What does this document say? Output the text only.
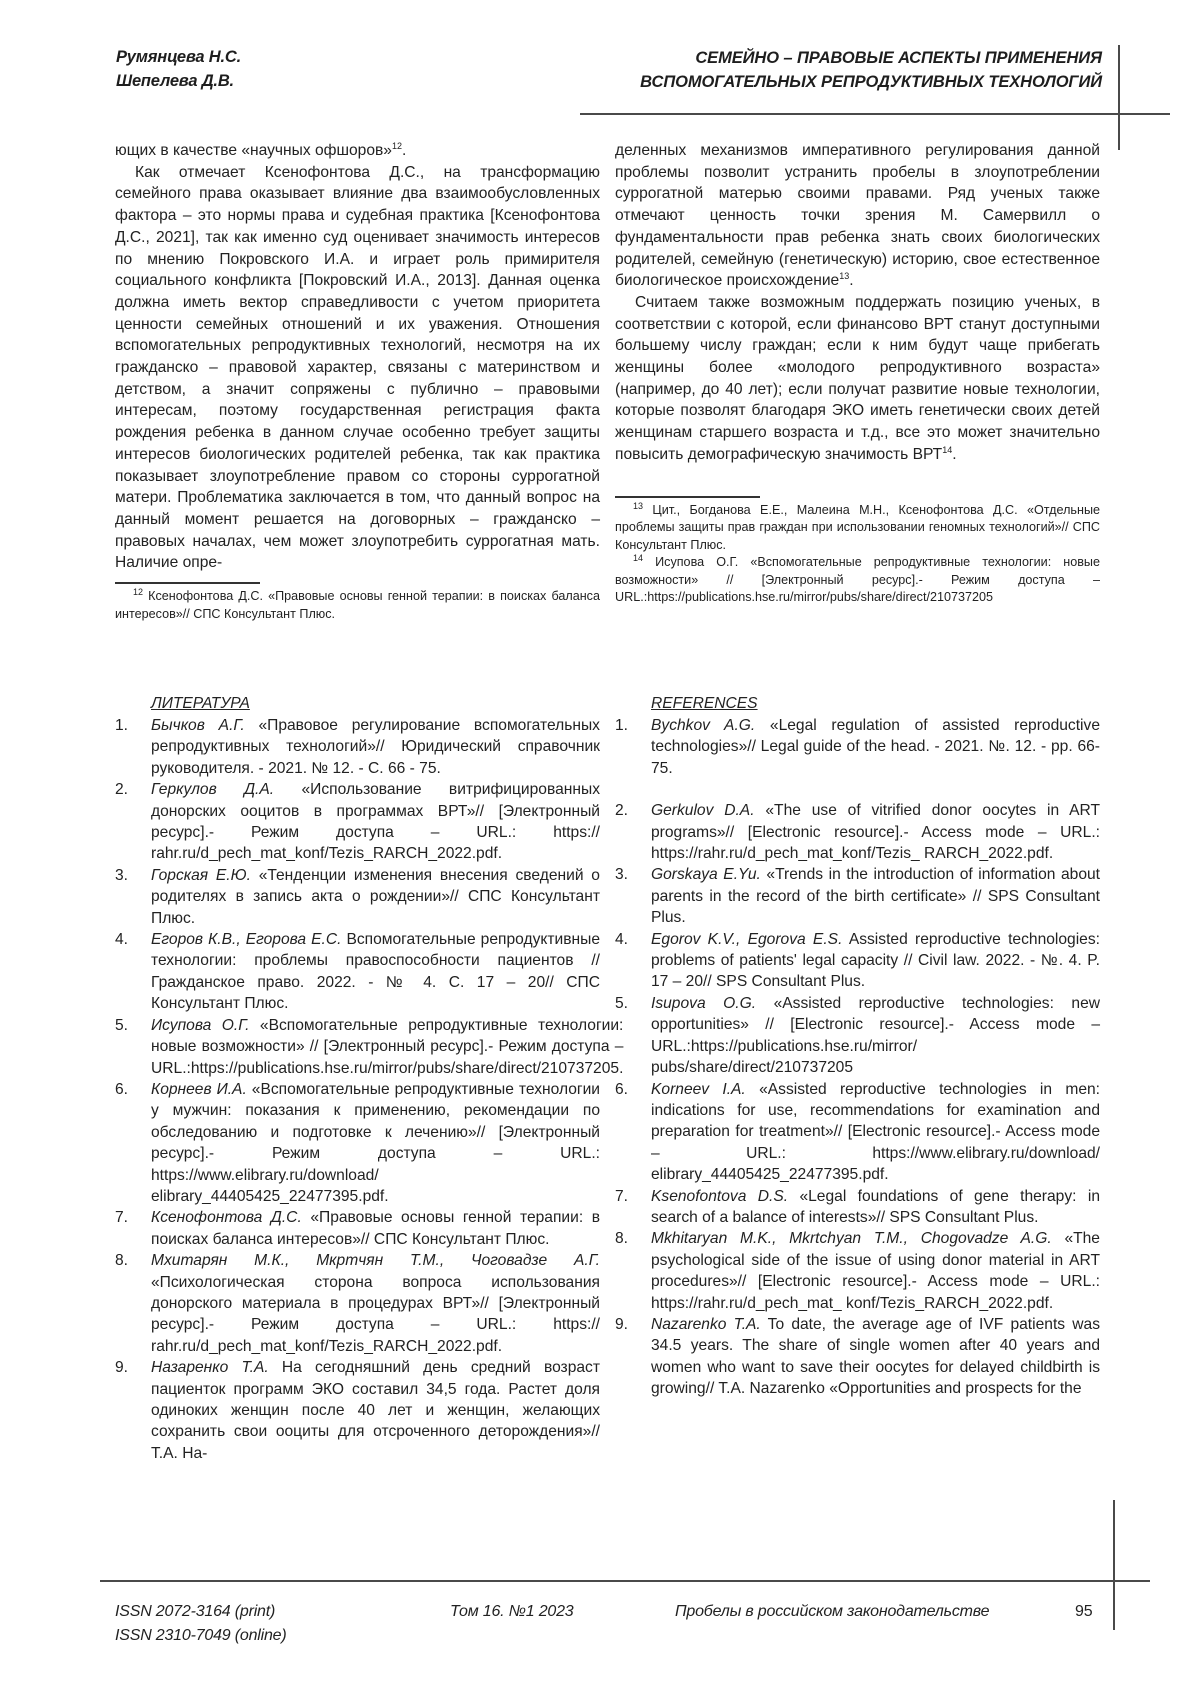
Румянцева Н.С.
Шепелева Д.В.
СЕМЕЙНО – ПРАВОВЫЕ АСПЕКТЫ ПРИМЕНЕНИЯ
ВСПОМОГАТЕЛЬНЫХ РЕПРОДУКТИВНЫХ ТЕХНОЛОГИЙ

ющих в качестве «научных офшоров»$^{12}$.

Как отмечает Ксенофонтова Д.С., на трансформацию семейного права оказывает влияние два взаимообусловленных фактора – это нормы права и судебная практика [Ксенофонтова Д.С., 2021], так как именно суд оценивает значимость интересов по мнению Покровского И.А. и играет роль примирителя социального конфликта [Покровский И.А., 2013]. Данная оценка должна иметь вектор справедливости с учетом приоритета ценности семейных отношений и их уважения. Отношения вспомогательных репродуктивных технологий, несмотря на их гражданско – правовой характер, связаны с материнством и детством, а значит сопряжены с публично – правовыми интересам, поэтому государственная регистрация факта рождения ребенка в данном случае особенно требует защиты интересов биологических родителей ребенка, так как практика показывает злоупотребление правом со стороны суррогатной матери. Проблематика заключается в том, что данный вопрос на данный момент решается на договорных – гражданско – правовых началах, чем может злоупотребить суррогатная мать. Наличие опре-

$^{12}$ Ксенофонтова Д.С. «Правовые основы генной терапии: в поисках баланса интересов»// СПС Консультант Плюс.

деленных механизмов императивного регулирования данной проблемы позволит устранить пробелы в злоупотреблении суррогатной матерью своими правами. Ряд ученых также отмечают ценность точки зрения М. Самервилл о фундаментальности прав ребенка знать своих биологических родителей, семейную (генетическую) историю, свое естественное биологическое происхождение$^{13}$.

Считаем также возможным поддержать позицию ученых, в соответствии с которой, если финансово ВРТ станут доступными большему числу граждан; если к ним будут чаще прибегать женщины более «молодого репродуктивного возраста» (например, до 40 лет); если получат развитие новые технологии, которые позволят благодаря ЭКО иметь генетически своих детей женщинам старшего возраста и т.д., все это может значительно повысить демографическую значимость ВРТ$^{14}$.

$^{13}$ Цит., Богданова Е.Е., Малеина М.Н., Ксенофонтова Д.С. «Отдельные проблемы защиты прав граждан при использовании геномных технологий»// СПС Консультант Плюс.

$^{14}$ Исупова О.Г. «Вспомогательные репродуктивные технологии: новые возможности» // [Электронный ресурс].- Режим доступа – URL.:https://publications.hse.ru/mirror/pubs/share/direct/210737205

ЛИТЕРАТУРА
1.	Бычков А.Г. «Правовое регулирование вспомогательных репродуктивных технологий»// Юридический справочник руководителя. - 2021. № 12. - С. 66 - 75.
2.	Геркулов Д.А. «Использование витрифицированных донорских ооцитов в программах ВРТ»// [Электронный ресурс].- Режим доступа – URL.: https:// rahr.ru/d_pech_mat_konf/Tezis_RARCH_2022.pdf.
3.	Горская Е.Ю. «Тенденции изменения внесения сведений о родителях в запись акта о рождении»// СПС Консультант Плюс.
4.	Егоров К.В., Егорова Е.С. Вспомогательные репродуктивные технологии: проблемы правоспособности пациентов // Гражданское право. 2022. - № 4. С. 17 – 20// СПС Консультант Плюс.
5.	Исупова О.Г. «Вспомогательные репродуктивные технологии: новые возможности» // [Электронный ресурс].- Режим доступа – URL.:https://publications.hse.ru/mirror/pubs/share/direct/210737205.
6.	Корнеев И.А. «Вспомогательные репродуктивные технологии у мужчин: показания к применению, рекомендации по обследованию и подготовке к лечению»// [Электронный ресурс].- Режим доступа – URL.: https://www.elibrary.ru/download/ elibrary_44405425_22477395.pdf.
7.	Ксенофонтова Д.С. «Правовые основы генной терапии: в поисках баланса интересов»// СПС Консультант Плюс.
8.	Мхитарян М.К., Мкртчян Т.М., Чоговадзе А.Г. «Психологическая сторона вопроса использования донорского материала в процедурах ВРТ»// [Электронный ресурс].- Режим доступа – URL.: https:// rahr.ru/d_pech_mat_konf/Tezis_RARCH_2022.pdf.
9.	Назаренко Т.А. На сегодняшний день средний возраст пациенток программ ЭКО составил 34,5 года. Растет доля одиноких женщин после 40 лет и женщин, желающих сохранить свои ооциты для отсроченного деторождения»// Т.А. На-
REFERENCES
1.	Bychkov A.G. «Legal regulation of assisted reproductive technologies»// Legal guide of the head. - 2021. №. 12. - pp. 66-75.
2.	Gerkulov D.A. «The use of vitrified donor oocytes in ART programs»// [Electronic resource].- Access mode – URL.: https://rahr.ru/d_pech_mat_konf/Tezis_ RARCH_2022.pdf.
3.	Gorskaya E.Yu. «Trends in the introduction of information about parents in the record of the birth certificate» // SPS Consultant Plus.
4.	Egorov K.V., Egorova E.S. Assisted reproductive technologies: problems of patients' legal capacity // Civil law. 2022. - №. 4. P. 17 – 20// SPS Consultant Plus.
5.	Isupova O.G. «Assisted reproductive technologies: new opportunities» // [Electronic resource].- Access mode – URL.:https://publications.hse.ru/mirror/ pubs/share/direct/210737205
6.	Korneev I.A. «Assisted reproductive technologies in men: indications for use, recommendations for examination and preparation for treatment»// [Electronic resource].- Access mode – URL.: https://www.elibrary.ru/download/ elibrary_44405425_22477395.pdf.
7.	Ksenofontova D.S. «Legal foundations of gene therapy: in search of a balance of interests»// SPS Consultant Plus.
8.	Mkhitaryan M.K., Mkrtchyan T.M., Chogovadze A.G. «The psychological side of the issue of using donor material in ART procedures»// [Electronic resource].- Access mode – URL.: https://rahr.ru/d_pech_mat_ konf/Tezis_RARCH_2022.pdf.
9.	Nazarenko T.A. To date, the average age of IVF patients was 34.5 years. The share of single women after 40 years and women who want to save their oocytes for delayed childbirth is growing// T.A. Nazarenko «Opportunities and prospects for the
ISSN 2072-3164 (print)
ISSN 2310-7049 (online)
Том 16. №1 2023	Пробелы в российском законодательстве	95
